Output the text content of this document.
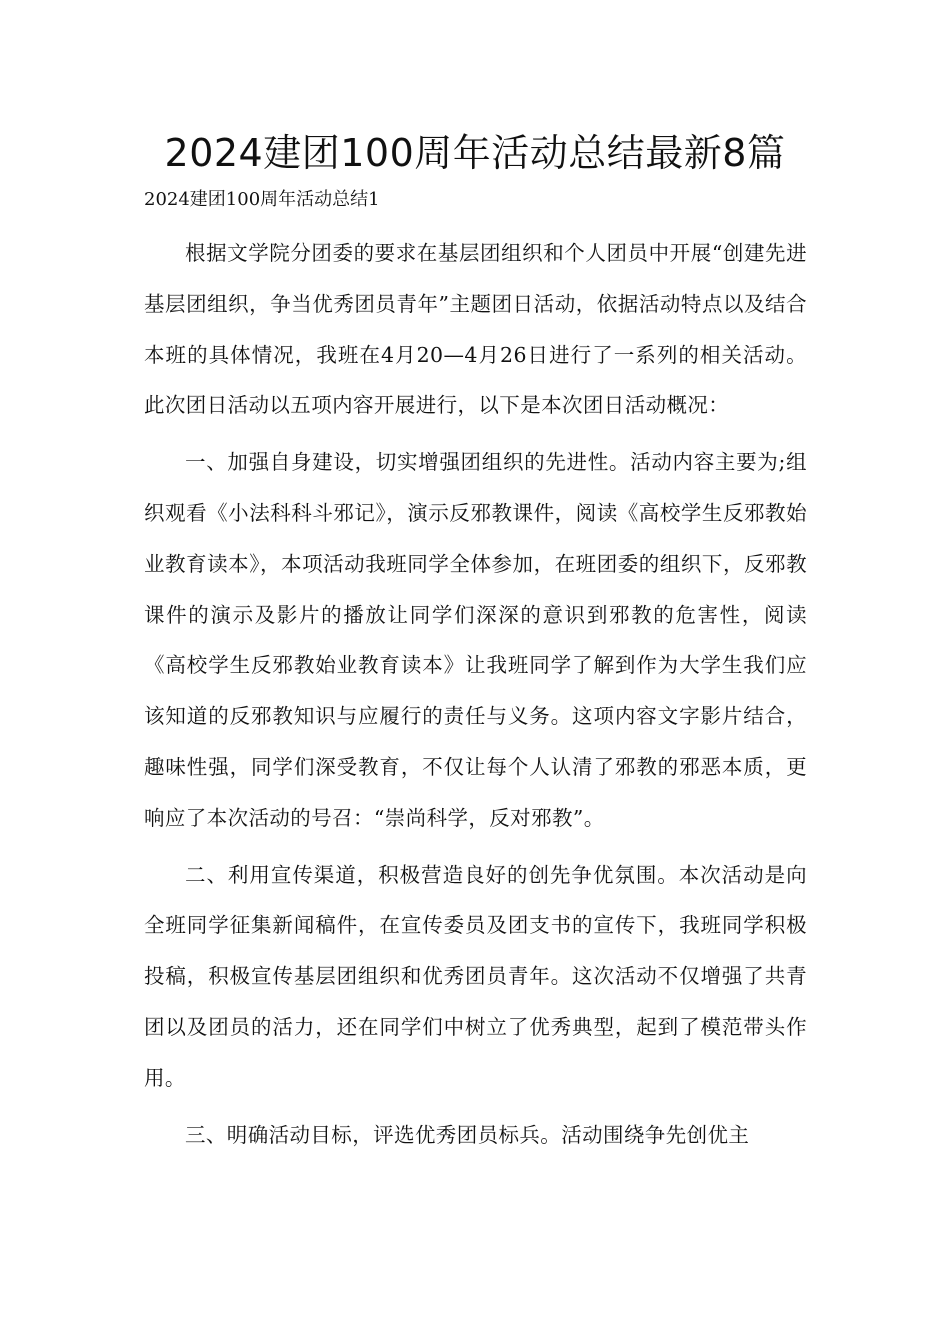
2024建团100周年活动总结最新8篇

2024建团100周年活动总结1

根据文学院分团委的要求在基层团组织和个人团员中开展“创建先进基层团组织，争当优秀团员青年”主题团日活动，依据活动特点以及结合本班的具体情况，我班在4月20—4月26日进行了一系列的相关活动。此次团日活动以五项内容开展进行，以下是本次团日活动概况：

一、加强自身建设，切实增强团组织的先进性。活动内容主要为;组织观看《小法科科斗邪记》，演示反邪教课件，阅读《高校学生反邪教始业教育读本》，本项活动我班同学全体参加，在班团委的组织下，反邪教课件的演示及影片的播放让同学们深深的意识到邪教的危害性，阅读《高校学生反邪教始业教育读本》让我班同学了解到作为大学生我们应该知道的反邪教知识与应履行的责任与义务。这项内容文字影片结合，趣味性强，同学们深受教育，不仅让每个人认清了邪教的邪恶本质，更响应了本次活动的号召：“崇尚科学，反对邪教”。

二、利用宣传渠道，积极营造良好的创先争优氛围。本次活动是向全班同学征集新闻稿件，在宣传委员及团支书的宣传下，我班同学积极投稿，积极宣传基层团组织和优秀团员青年。这次活动不仅增强了共青团以及团员的活力，还在同学们中树立了优秀典型，起到了模范带头作用。

三、明确活动目标，评选优秀团员标兵。活动围绕争先创优主
